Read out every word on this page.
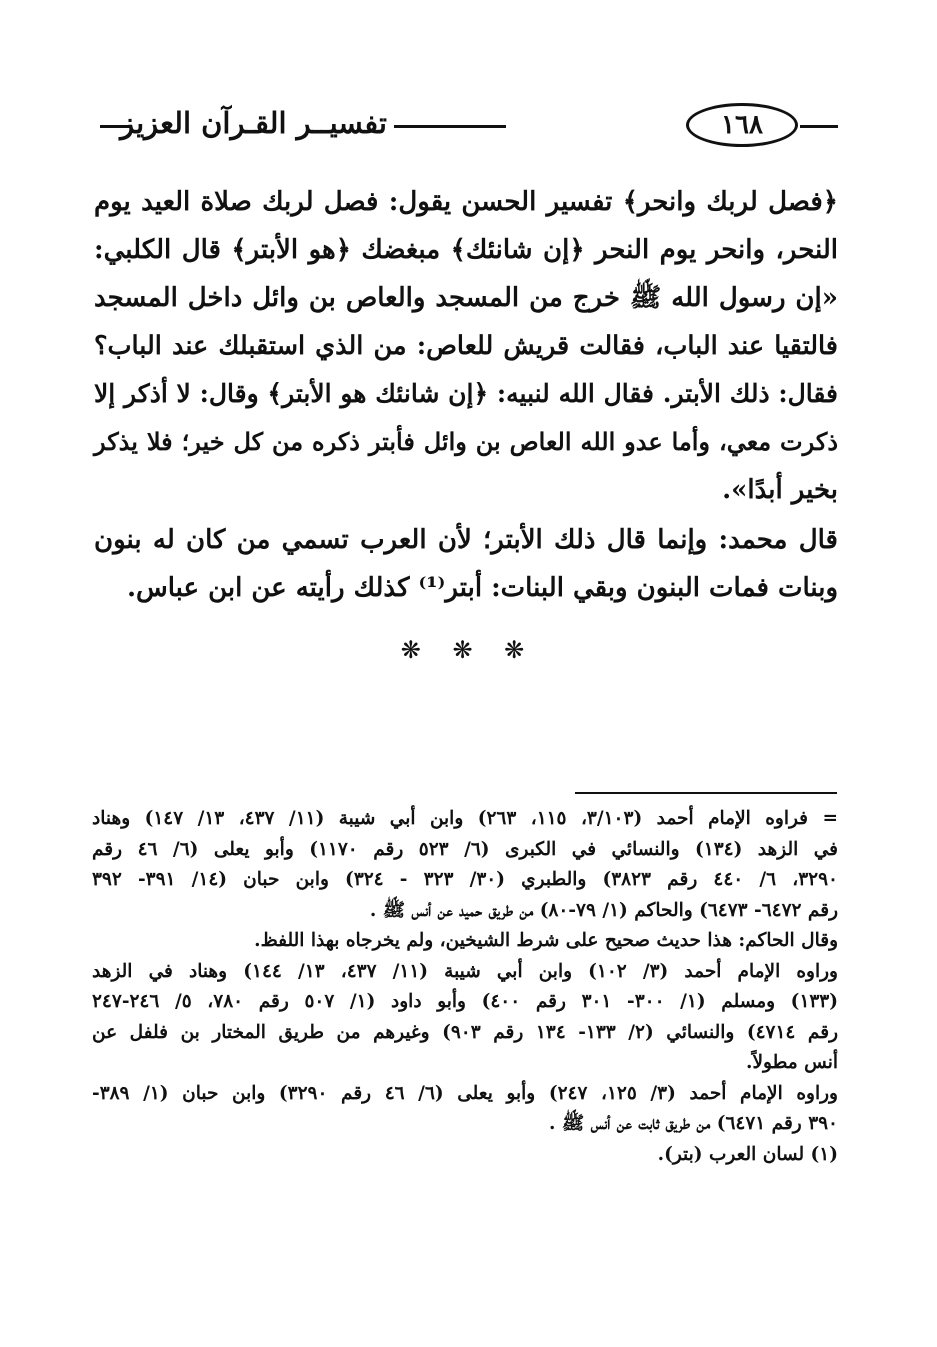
تفسيــر القـرآن العزيز	١٦٨
﴿فصل لربك وانحر﴾ تفسير الحسن يقول: فصل لربك صلاة العيد يوم
النحر، وانحر يوم النحر ﴿إن شانئك﴾ مبغضك ﴿هو الأبتر﴾ قال الكلبي:
«إن رسول الله ﷺ خرج من المسجد والعاص بن وائل داخل المسجد
فالتقيا عند الباب، فقالت قريش للعاص: من الذي استقبلك عند الباب؟
فقال: ذلك الأبتر. فقال الله لنبيه: ﴿إن شانئك هو الأبتر﴾ وقال: لا أذكر إلا
ذكرت معي، وأما عدو الله العاص بن وائل فأبتر ذكره من كل خير؛ فلا يذكر
بخير أبدًا».
قال محمد: وإنما قال ذلك الأبتر؛ لأن العرب تسمي من كان له بنون
وبنات فمات البنون وبقي البنات: أبتر⁽¹⁾ كذلك رأيته عن ابن عباس.
❋ ❋ ❋
= فراوه الإمام أحمد (٣/١٠٣، ١١٥، ٢٦٣) وابن أبي شيبة (١١/ ٤٣٧، ١٣/ ١٤٧) وهناد
في الزهد (١٣٤) والنسائي في الكبرى (٦/ ٥٢٣ رقم ١١٧٠) وأبو يعلى (٦/ ٤٦ رقم
٣٢٩٠، ٦/ ٤٤٠ رقم ٣٨٢٣) والطبري (٣٠/ ٣٢٣ - ٣٢٤) وابن حبان (١٤/ ٣٩١- ٣٩٢
رقم ٦٤٧٢- ٦٤٧٣) والحاكم (١/ ٧٩-٨٠) من طريق حميد عن أنس ﷺ .
وقال الحاكم: هذا حديث صحيح على شرط الشيخين، ولم يخرجاه بهذا اللفظ.
وراوه الإمام أحمد (٣/ ١٠٢) وابن أبي شيبة (١١/ ٤٣٧، ١٣/ ١٤٤) وهناد في الزهد
(١٣٣) ومسلم (١/ ٣٠٠- ٣٠١ رقم ٤٠٠) وأبو داود (١/ ٥٠٧ رقم ٧٨٠، ٥/ ٢٤٦-٢٤٧
رقم ٤٧١٤) والنسائي (٢/ ١٣٣- ١٣٤ رقم ٩٠٣) وغيرهم من طريق المختار بن فلفل عن
أنس مطولاً.
وراوه الإمام أحمد (٣/ ١٢٥، ٢٤٧) وأبو يعلى (٦/ ٤٦ رقم ٣٢٩٠) وابن حبان (١/ ٣٨٩-
٣٩٠ رقم ٦٤٧١) من طريق ثابت عن أنس ﷺ .
(١) لسان العرب (بتر).
